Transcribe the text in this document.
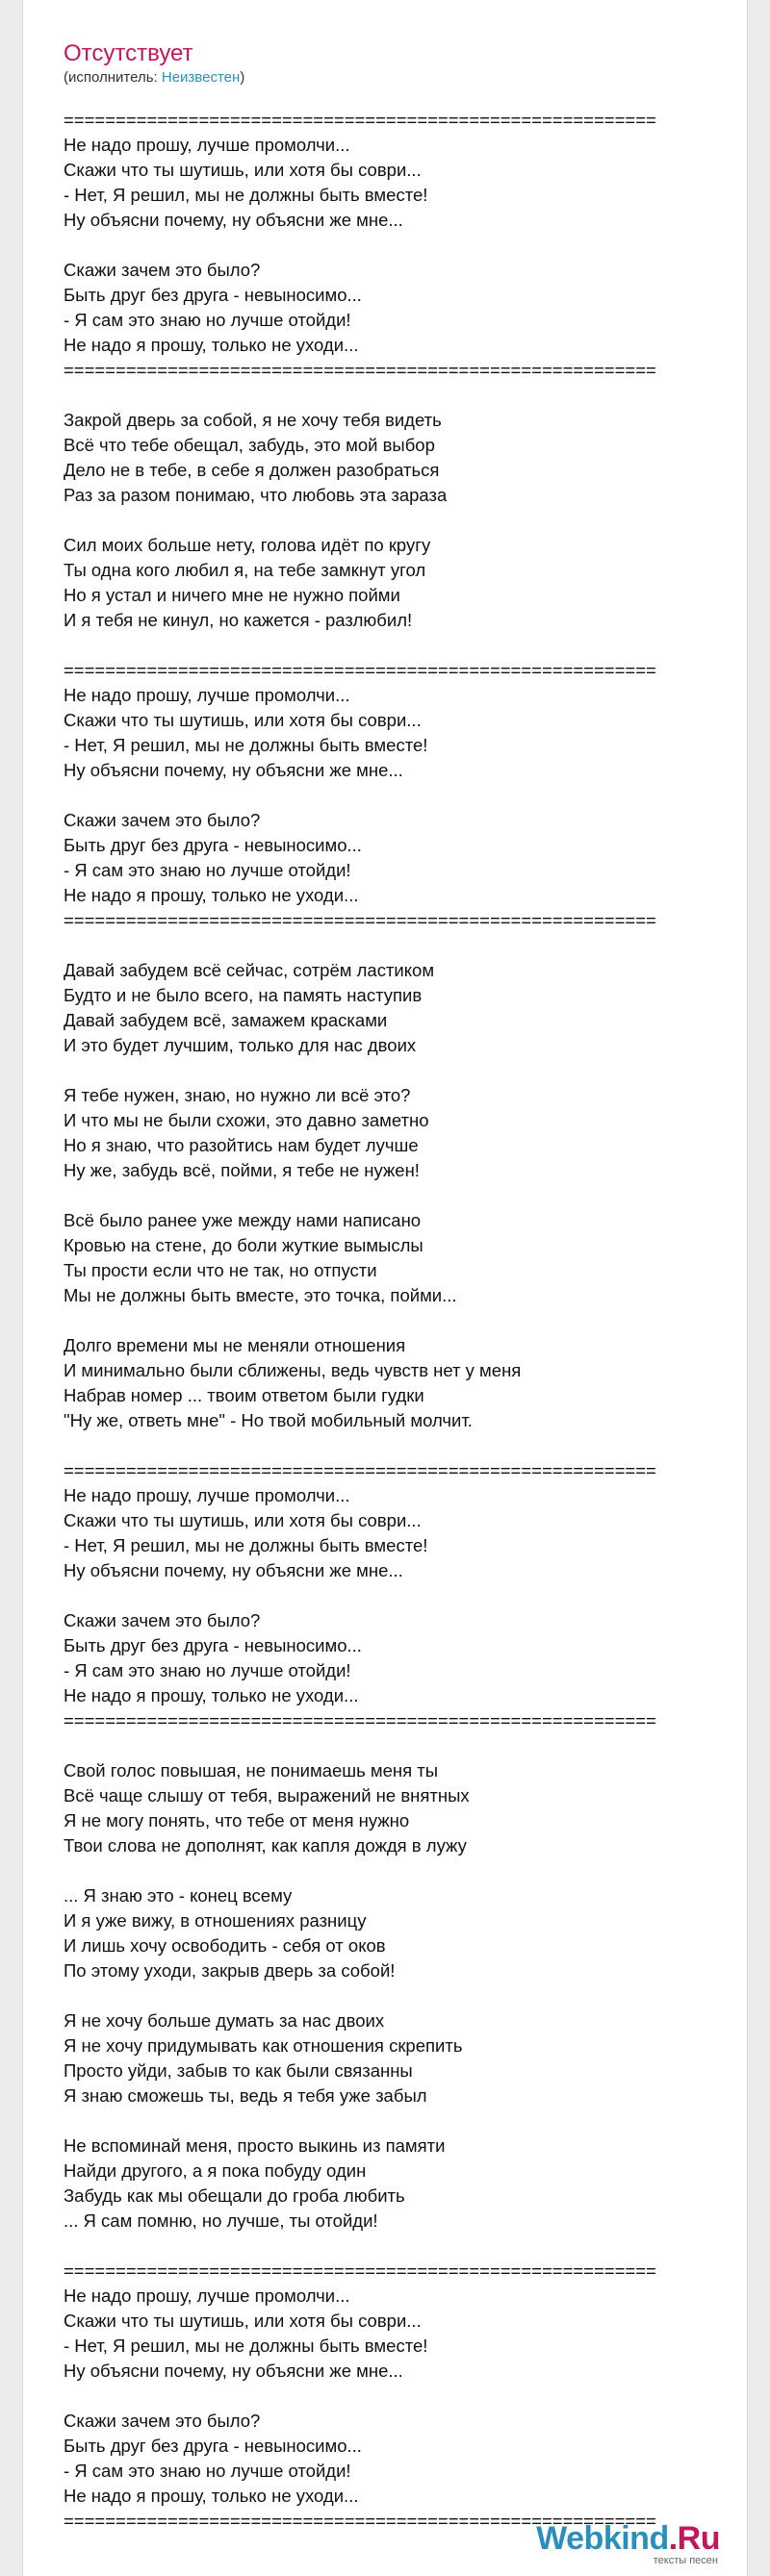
Отсутствует
(исполнитель: Неизвестен)
=========================================================
Не надо прошу, лучше промолчи...
Скажи что ты шутишь, или хотя бы соври...
- Нет, Я решил, мы не должны быть вместе!
Ну объясни почему, ну объясни же мне...
Скажи зачем это было?
Быть друг без друга - невыносимо...
- Я сам это знаю но лучше отойди!
Не надо я прошу, только не уходи...
=========================================================
Закрой дверь за собой, я не хочу тебя видеть
Всё что тебе обещал, забудь, это мой выбор
Дело не в тебе, в себе я должен разобраться
Раз за разом понимаю, что любовь эта зараза
Сил моих больше нету, голова идёт по кругу
Ты одна кого любил я, на тебе замкнут угол
Но я устал и ничего мне не нужно пойми
И я тебя не кинул, но кажется - разлюбил!
=========================================================
Не надо прошу, лучше промолчи...
Скажи что ты шутишь, или хотя бы соври...
- Нет, Я решил, мы не должны быть вместе!
Ну объясни почему, ну объясни же мне...
Скажи зачем это было?
Быть друг без друга - невыносимо...
- Я сам это знаю но лучше отойди!
Не надо я прошу, только не уходи...
=========================================================
Давай забудем всё сейчас, сотрём ластиком
Будто и не было всего, на память наступив
Давай забудем всё, замажем красками
И это будет лучшим, только для нас двоих
Я тебе нужен, знаю, но нужно ли всё это?
И что мы не были схожи, это давно заметно
Но я знаю, что разойтись нам будет лучше
Ну же, забудь всё, пойми, я тебе не нужен!
Всё было ранее уже между нами написано
Кровью на стене, до боли жуткие вымыслы
Ты прости если что не так, но отпусти
Мы не должны быть вместе, это точка, пойми...
Долго времени мы не меняли отношения
И минимально были сближены, ведь чувств нет у меня
Набрав номер ... твоим ответом были гудки
"Ну же, ответь мне" - Но твой мобильный молчит.
=========================================================
Не надо прошу, лучше промолчи...
Скажи что ты шутишь, или хотя бы соври...
- Нет, Я решил, мы не должны быть вместе!
Ну объясни почему, ну объясни же мне...
Скажи зачем это было?
Быть друг без друга - невыносимо...
- Я сам это знаю но лучше отойди!
Не надо я прошу, только не уходи...
=========================================================
Свой голос повышая, не понимаешь меня ты
Всё чаще слышу от тебя, выражений не внятных
Я не могу понять, что тебе от меня нужно
Твои слова не дополнят, как капля дождя в лужу
... Я знаю это - конец всему
И я уже вижу, в отношениях разницу
И лишь хочу освободить - себя от оков
По этому уходи, закрыв дверь за собой!
Я не хочу больше думать за нас двоих
Я не хочу придумывать как отношения скрепить
Просто уйди, забыв то как были связанны
Я знаю сможешь ты, ведь я тебя уже забыл
Не вспоминай меня, просто выкинь из памяти
Найди другого, а я пока побуду один
Забудь как мы обещали до гроба любить
... Я сам помню, но лучше, ты отойди!
=========================================================
Не надо прошу, лучше промолчи...
Скажи что ты шутишь, или хотя бы соври...
- Нет, Я решил, мы не должны быть вместе!
Ну объясни почему, ну объясни же мне...
Скажи зачем это было?
Быть друг без друга - невыносимо...
- Я сам это знаю но лучше отойди!
Не надо я прошу, только не уходи...
=========================================================
Webkind.Ru
тексты песен
